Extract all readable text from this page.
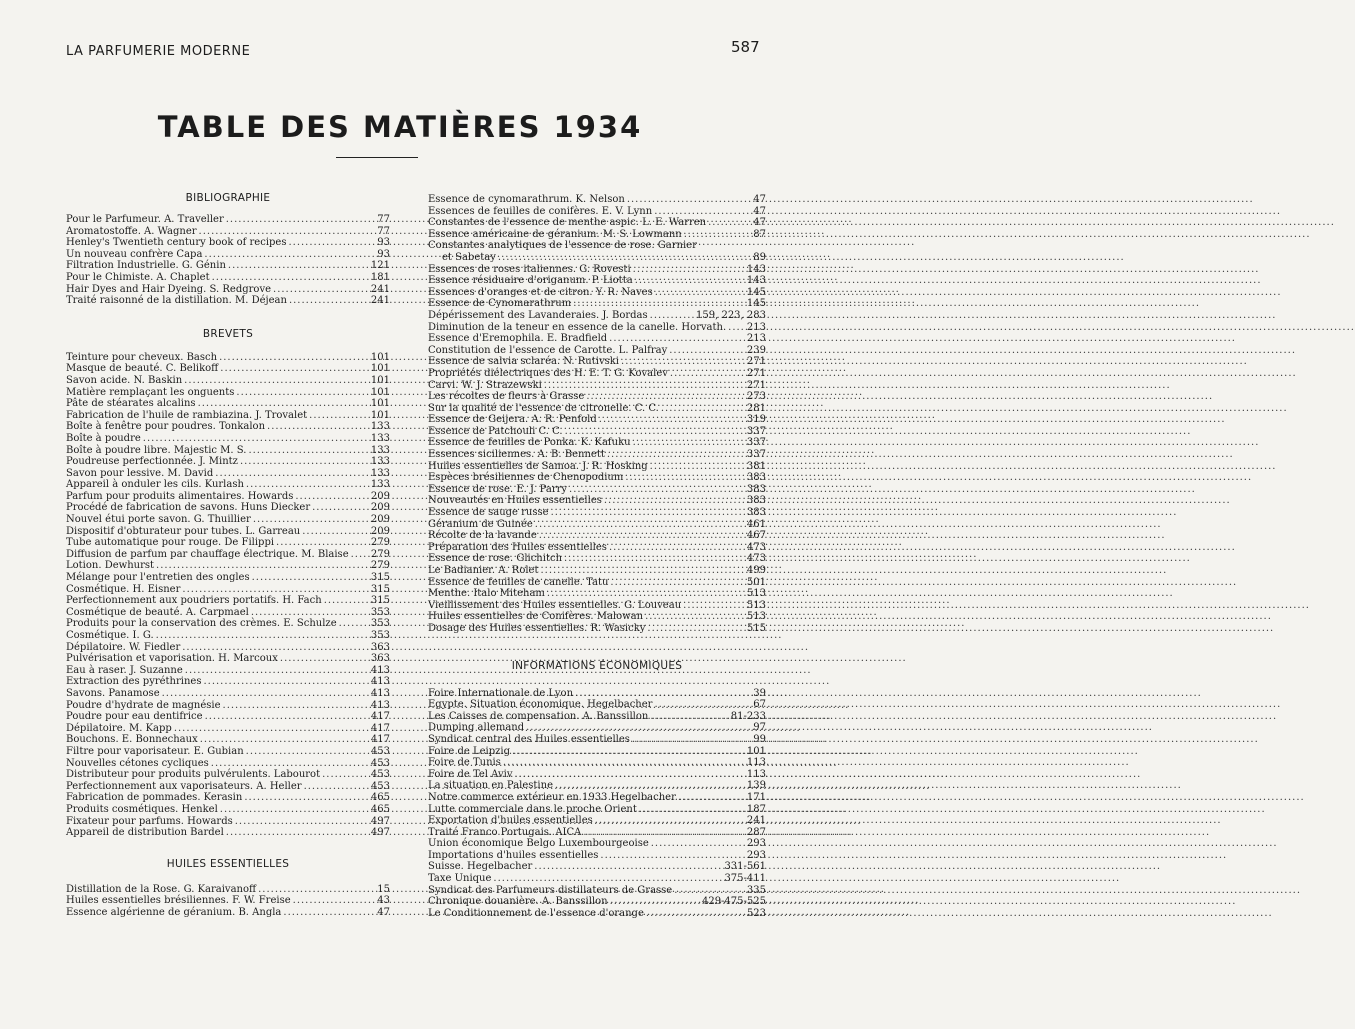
LA PARFUMERIE MODERNE	587
TABLE DES MATIÈRES 1934
BIBLIOGRAPHIE
Pour le Parfumeur. A. Traveller .....	77
Aromatostoffe. A. Wagner .....	77
Henley's Twentieth century book of recipes .....	93
Un nouveau confrère Capa .....	93
Filtration Industrielle. G. Génin .....	121
Pour le Chimiste. A. Chaplet .....	181
Hair Dyes and Hair Dyeing. S. Redgrove .....	241
Traité raisonné de la distillation. M. Déjean .....	241
BREVETS
Teinture pour cheveux. Basch .....	101
Masque de beauté. C. Belikoff .....	101
Savon acide. N. Baskin .....	101
Matière remplaçant les onguents .....	101
Pâte de stéarates alcalins .....	101
Fabrication de l'huile de rambiazina. J. Trovalet .....	101
Boîte à fenêtre pour poudres. Tonkalon .....	133
Boîte à poudre .....	133
Boîte à poudre libre. Majestic M. S. .....	133
Poudreuse perfectionnée. J. Mintz .....	133
Savon pour lessive. M. David .....	133
Appareil à onduler les cils. Kurlash .....	133
Parfum pour produits alimentaires. Howards .....	209
Procédé de fabrication de savons. Huns Diecker .....	209
Nouvel étui porte savon. G. Thuillier .....	209
Dispositif d'obturateur pour tubes. L. Garreau .....	209
Tube automatique pour rouge. De Filippi .....	279
Diffusion de parfum par chauffage électrique. M. Blaise .....	279
Lotion. Dewhurst .....	279
Mélange pour l'entretien des ongles .....	315
Cosmétique. H. Eisner .....	315
Perfectionnement aux poudriers portatifs. H. Fach .....	315
Cosmétique de beauté. A. Carpmael .....	353
Produits pour la conservation des crèmes. E. Schulze .....	353
Cosmétique. I. G. .....	353
Dépilatoire. W. Fiedler .....	363
Pulvérisation et vaporisation. H. Marcoux .....	363
Eau à raser. J. Suzanne .....	413
Extraction des pyréthrines .....	413
Savons. Panamose .....	413
Poudre d'hydrate de magnésie .....	413
Poudre pour eau dentifrice .....	417
Dépilatoire. M. Kapp .....	417
Bouchons. E. Bonnechaux .....	417
Filtre pour vaporisateur. E. Gubian .....	453
Nouvelles cétones cycliques .....	453
Distributeur pour produits pulvérulents. Labourot .....	453
Perfectionnement aux vaporisateurs. A. Heller .....	453
Fabrication de pommades. Kerasin .....	465
Produits cosmétiques. Henkel .....	465
Fixateur pour parfums. Howards .....	497
Appareil de distribution Bardel .....	497
HUILES ESSENTIELLES
Distillation de la Rose. G. Karaivanoff .....	15
Huiles essentielles brésiliennes. F. W. Freise .....	43
Essence algérienne de géranium. B. Angla .....	47
Essence de cynomarathrum. K. Nelson .....	47
Essences de feuilles de conifères. E. V. Lynn .....	47
Constantes de l'essence de menthe aspic. L. E. Warren .....	47
Essence américaine de géranium. M. S. Lowmann .....	87
Constantes analytiques de l'essence de rose. Garnier
et Sabetay .....	89
Essences de roses italiennes. G. Rovesti .....	143
Essence résiduaire d'origanum. P. Liotta .....	143
Essences d'oranges et de citron. Y. R. Naves .....	145
Essence de Cynomarathrum .....	145
Dépérissement des Lavanderaies. J. Bordas .....	159, 223, 283
Diminution de la teneur en essence de la canelle. Horvath. .....	213
Essence d'Eremophila. E. Bradfield .....	213
Constitution de l'essence de Carotte. L. Palfray .....	239
Essence de salvia sclaréa. N. Rutivski .....	271
Propriétés diélectriques des H. E. T. G. Kovalev .....	271
Carvi. W. J. Strazewski .....	271
Les récoltes de fleurs à Grasse .....	273
Sur la qualité de l'essence de citronelle. C. C. .....	281
Essence de Geijera. A. R. Penfold .....	319
Essence de Patchouli C. C. .....	337
Essence de feuilles de Ponka. K. Kafuku .....	337
Essences siciliennes. A. B. Bennett .....	337
Huiles essentielles de Samoa. J. R. Hosking .....	381
Espèces brésiliennes de Chenopodium .....	383
Essence de rose. E. J. Parry .....	383
Nouveautés en Huiles essentielles .....	383
Essence de sauge russe .....	383
Géranium de Guinée .....	461
Récolte de la lavande .....	467
Préparation des Huiles essentielles .....	473
Essence de rose. Glichitch .....	473
Le Badianier. A. Rolet .....	499
Essence de feuilles de canelle. Tatu .....	501
Menthe. Italo Miteham .....	513
Vieillissement des Huiles essentielles. G. Louveau .....	513
Huiles essentielles de Conifères. Malowan .....	513
Dosage des Huiles essentielles. R. Wasicky .....	515
INFORMATIONS ÉCONOMIQUES
Foire Internationale de Lyon .....	39
Egypte. Situation économique. Hegelbacher .....	67
Les Caisses de compensation. A. Banssillon .....	81-233
Dumping allemand .....	97
Syndicat central des Huiles essentielles .....	99
Foire de Leipzig .....	101
Foire de Tunis .....	113
Foire de Tel Aviv .....	113
La situation en Palestine .....	139
Notre commerce extérieur en 1933 Hegelbacher .....	171
Lutte commerciale dans le proche Orient .....	187
Exportation d'huiles essentielles .....	241
Traité Franco Portugais. AICA .....	287
Union économique Belgo Luxembourgeoise .....	293
Importations d'huiles essentielles .....	293
Suisse. Hegelbacher .....	331-561
Taxe Unique .....	375-411
Syndicat des Parfumeurs distillateurs de Grasse .....	335
Chronique douanière. A. Banssillon .....	429-475-525
Le Conditionnement de l'essence d'orange .....	523
